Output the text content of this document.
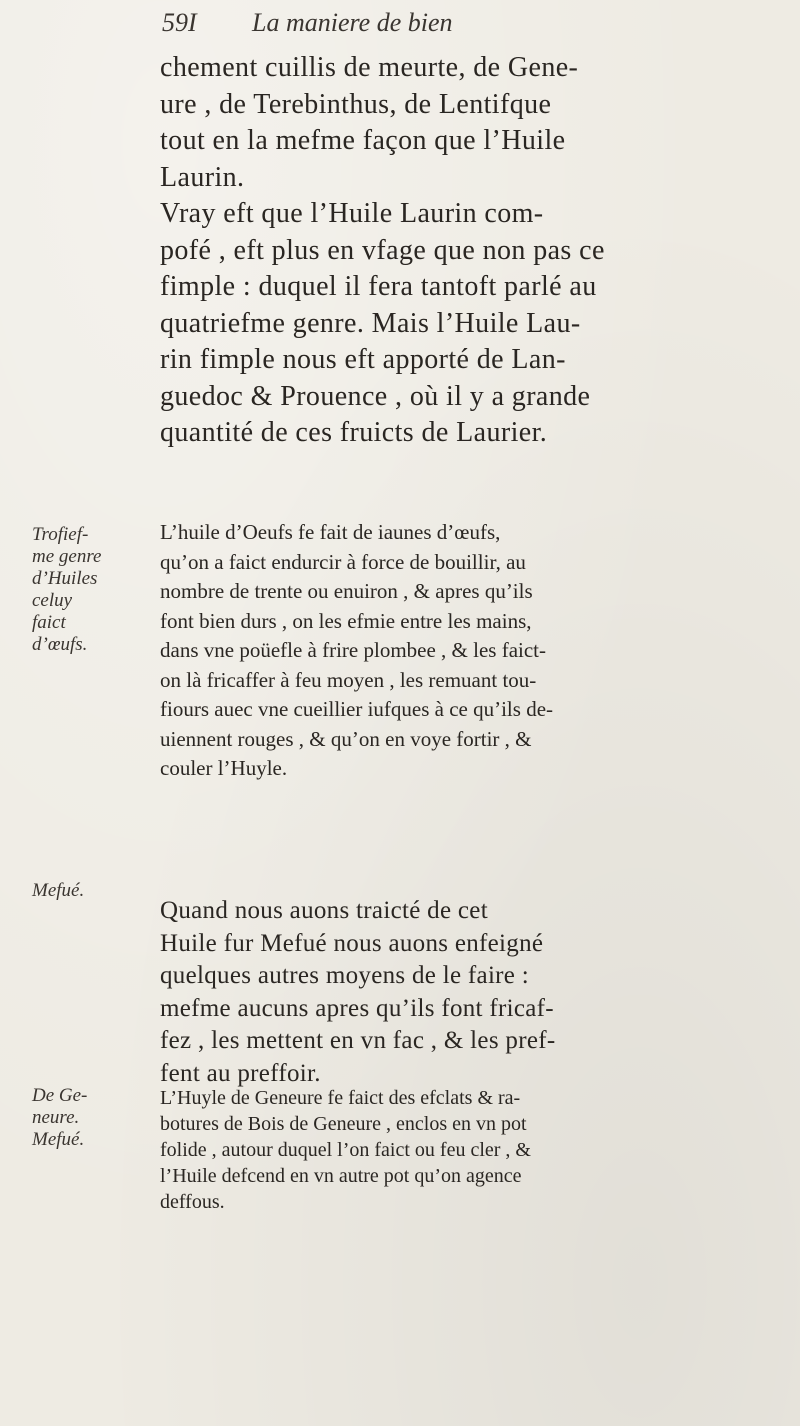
59I	La maniere de bien
chement cuillis de meurte, de Gene-
ure , de Terebinthus, de Lentifque
tout en la mefme façon que l’Huile
Laurin.
Vray eft que l’Huile Laurin com-
pofé , eft plus en vfage que non pas ce
fimple : duquel il fera tantoft parlé au
quatriefme genre. Mais l’Huile Lau-
rin fimple nous eft apporté de Lan-
guedoc & Prouence , où il y a grande
quantité de ces fruicts de Laurier.
Trofief-
me genre
d’Huiles
celuy
faict
d’œufs.
L’huile d’Oeufs fe fait de iaunes d’œufs,
qu’on a faict endurcir à force de bouillir, au
nombre de trente ou enuiron , & apres qu’ils
font bien durs , on les efmie entre les mains,
dans vne poüefle à frire plombee , & les faict-
on là fricaffer à feu moyen , les remuant tou-
fiours auec vne cueillier iufques à ce qu’ils de-
uiennent rouges , & qu’on en voye fortir , &
couler l’Huyle.
Mefué.
Quand nous auons traicté de cet
Huile fur Mefué nous auons enfeigné
quelques autres moyens de le faire :
mefme aucuns apres qu’ils font fricaf-
fez , les mettent en vn fac , & les pref-
fent au preffoir.
De Ge-
neure.
Mefué.
L’Huyle de Geneure fe faict des efclats & ra-
botures de Bois de Geneure , enclos en vn pot
folide , autour duquel l’on faict ou feu cler , &
l’Huile defcend en vn autre pot qu’on agence
deffous.
